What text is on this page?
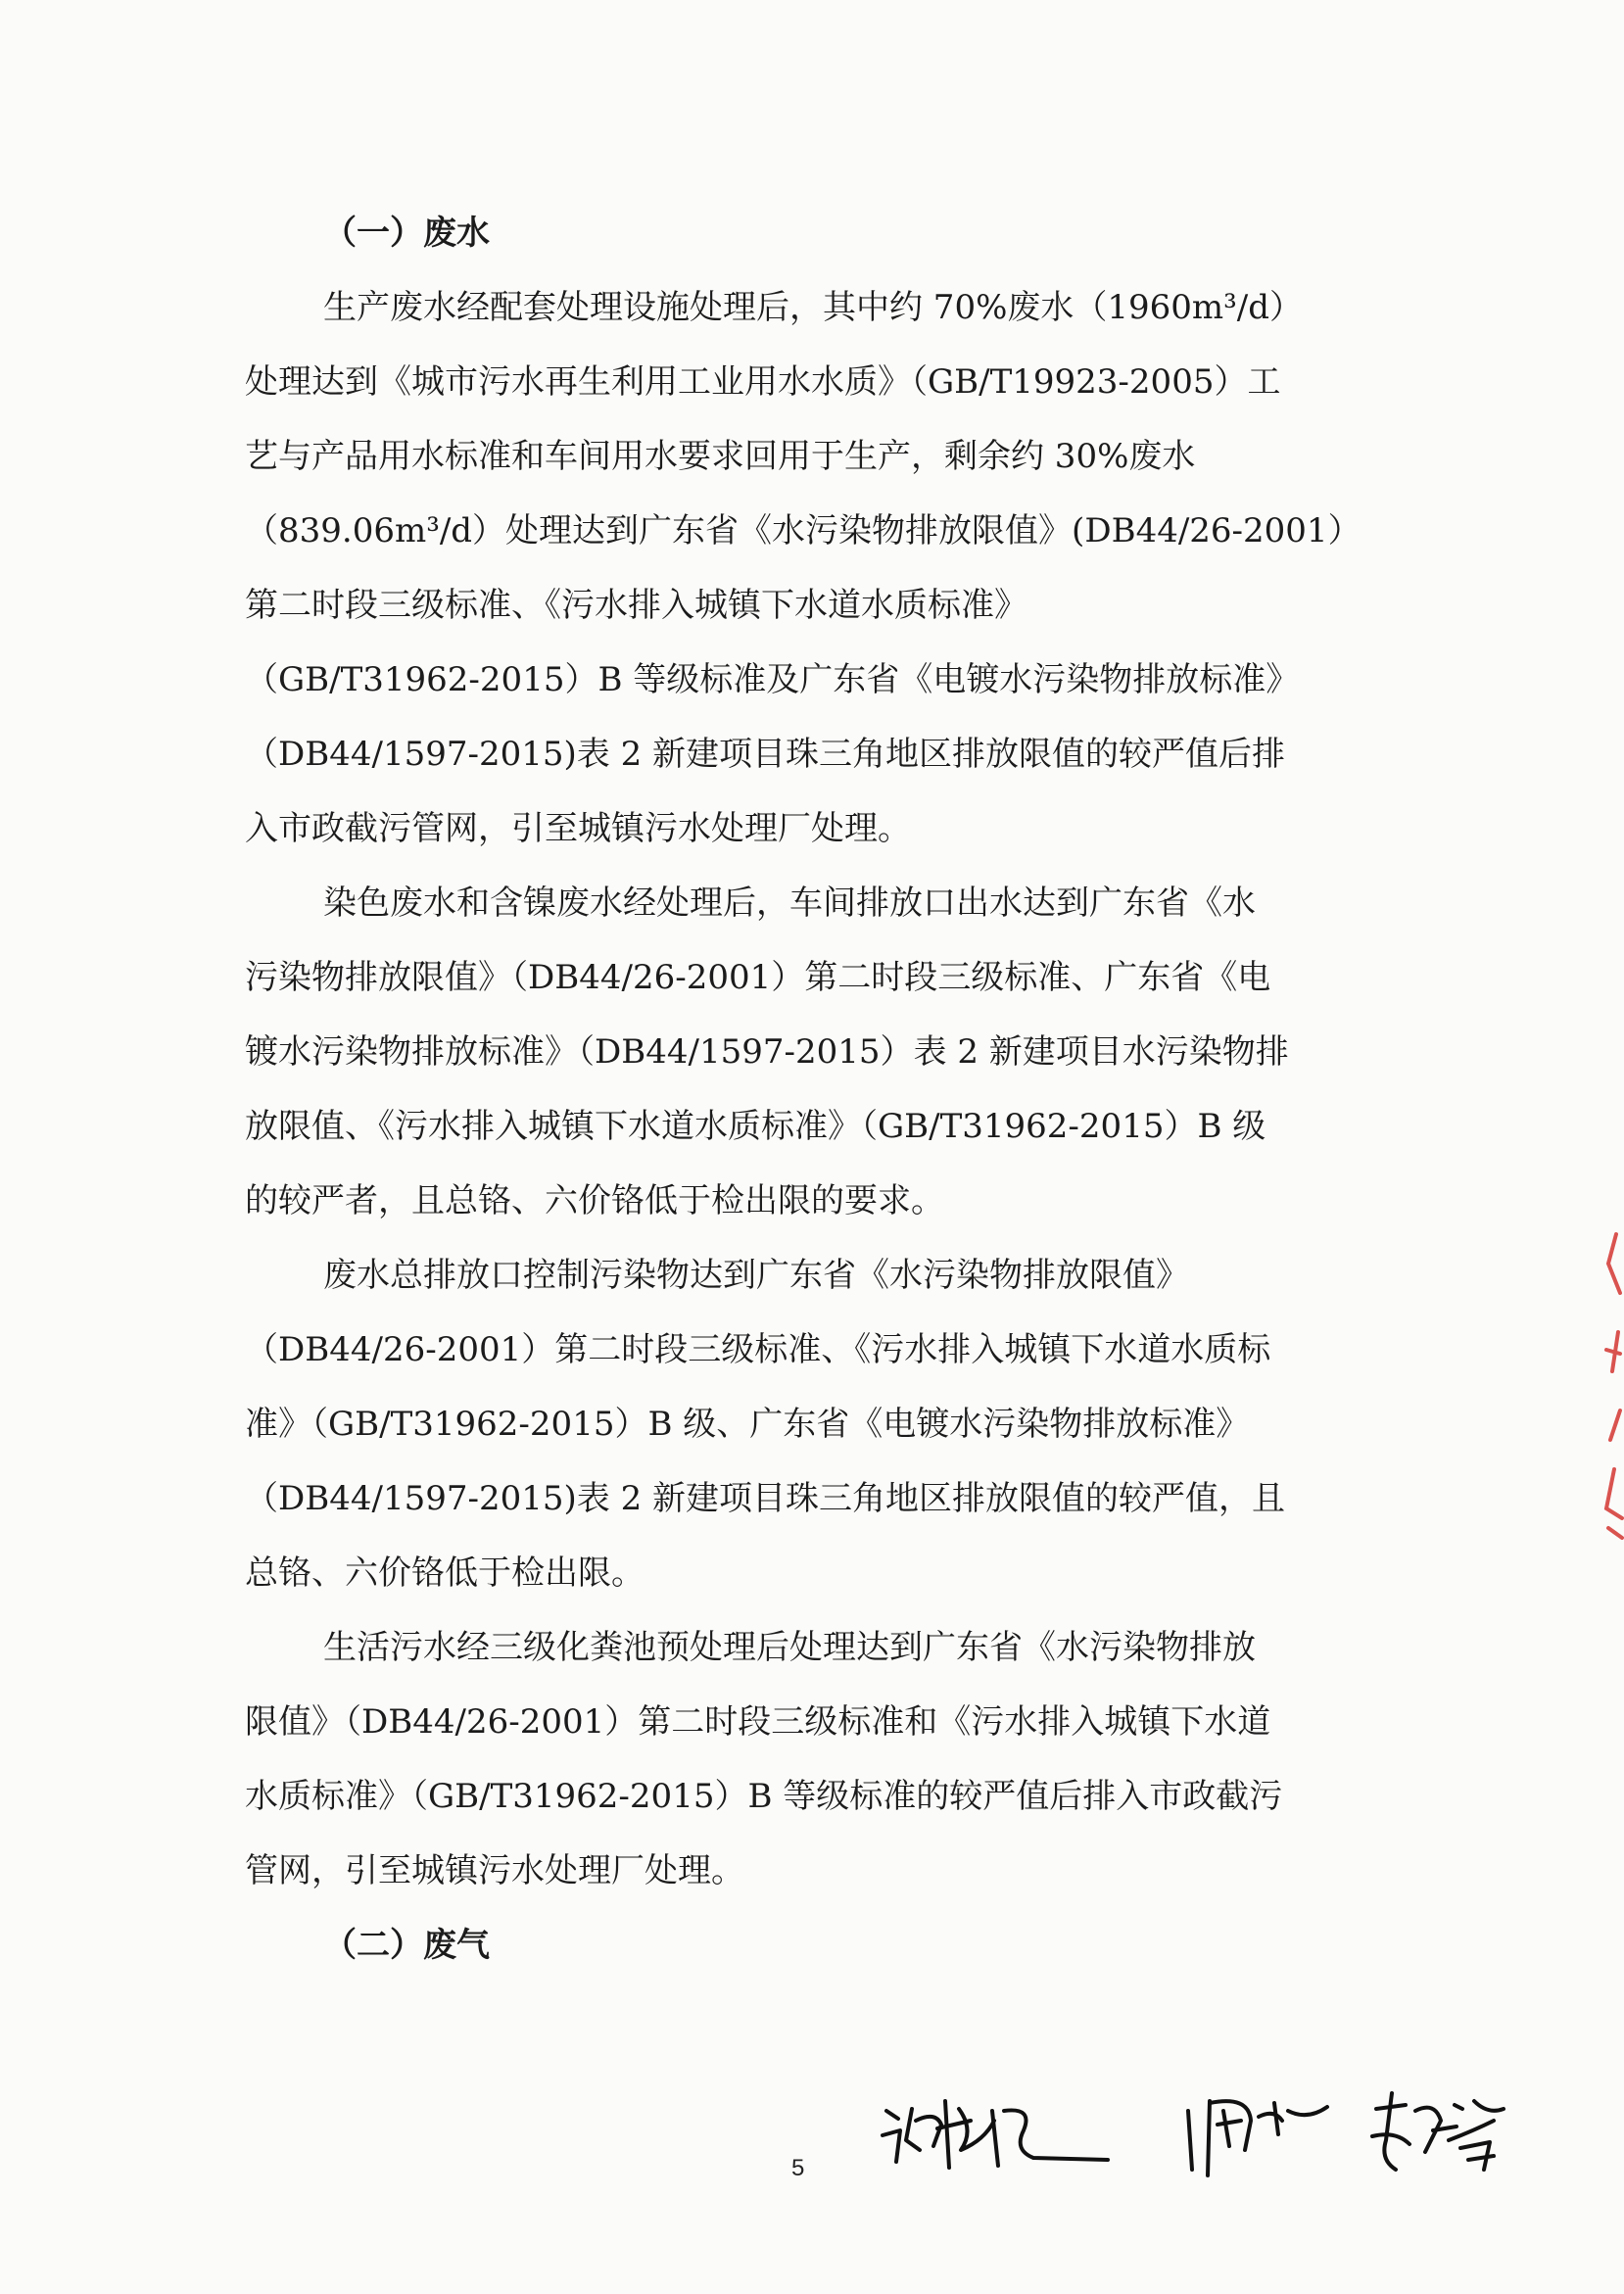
（一）废水
生产废水经配套处理设施处理后，其中约 70%废水（1960m³/d）
处理达到《城市污水再生利用工业用水水质》（GB/T19923-2005）工
艺与产品用水标准和车间用水要求回用于生产，剩余约 30%废水
（839.06m³/d）处理达到广东省《水污染物排放限值》(DB44/26-2001）
第二时段三级标准、《污水排入城镇下水道水质标准》
（GB/T31962-2015）B 等级标准及广东省《电镀水污染物排放标准》
（DB44/1597-2015)表 2 新建项目珠三角地区排放限值的较严值后排
入市政截污管网，引至城镇污水处理厂处理。
染色废水和含镍废水经处理后，车间排放口出水达到广东省《水
污染物排放限值》（DB44/26-2001）第二时段三级标准、广东省《电
镀水污染物排放标准》（DB44/1597-2015）表 2 新建项目水污染物排
放限值、《污水排入城镇下水道水质标准》（GB/T31962-2015）B 级
的较严者，且总铬、六价铬低于检出限的要求。
废水总排放口控制污染物达到广东省《水污染物排放限值》
（DB44/26-2001）第二时段三级标准、《污水排入城镇下水道水质标
准》（GB/T31962-2015）B 级、广东省《电镀水污染物排放标准》
（DB44/1597-2015)表 2 新建项目珠三角地区排放限值的较严值，且
总铬、六价铬低于检出限。
生活污水经三级化粪池预处理后处理达到广东省《水污染物排放
限值》（DB44/26-2001）第二时段三级标准和《污水排入城镇下水道
水质标准》（GB/T31962-2015）B 等级标准的较严值后排入市政截污
管网，引至城镇污水处理厂处理。
（二）废气
5
